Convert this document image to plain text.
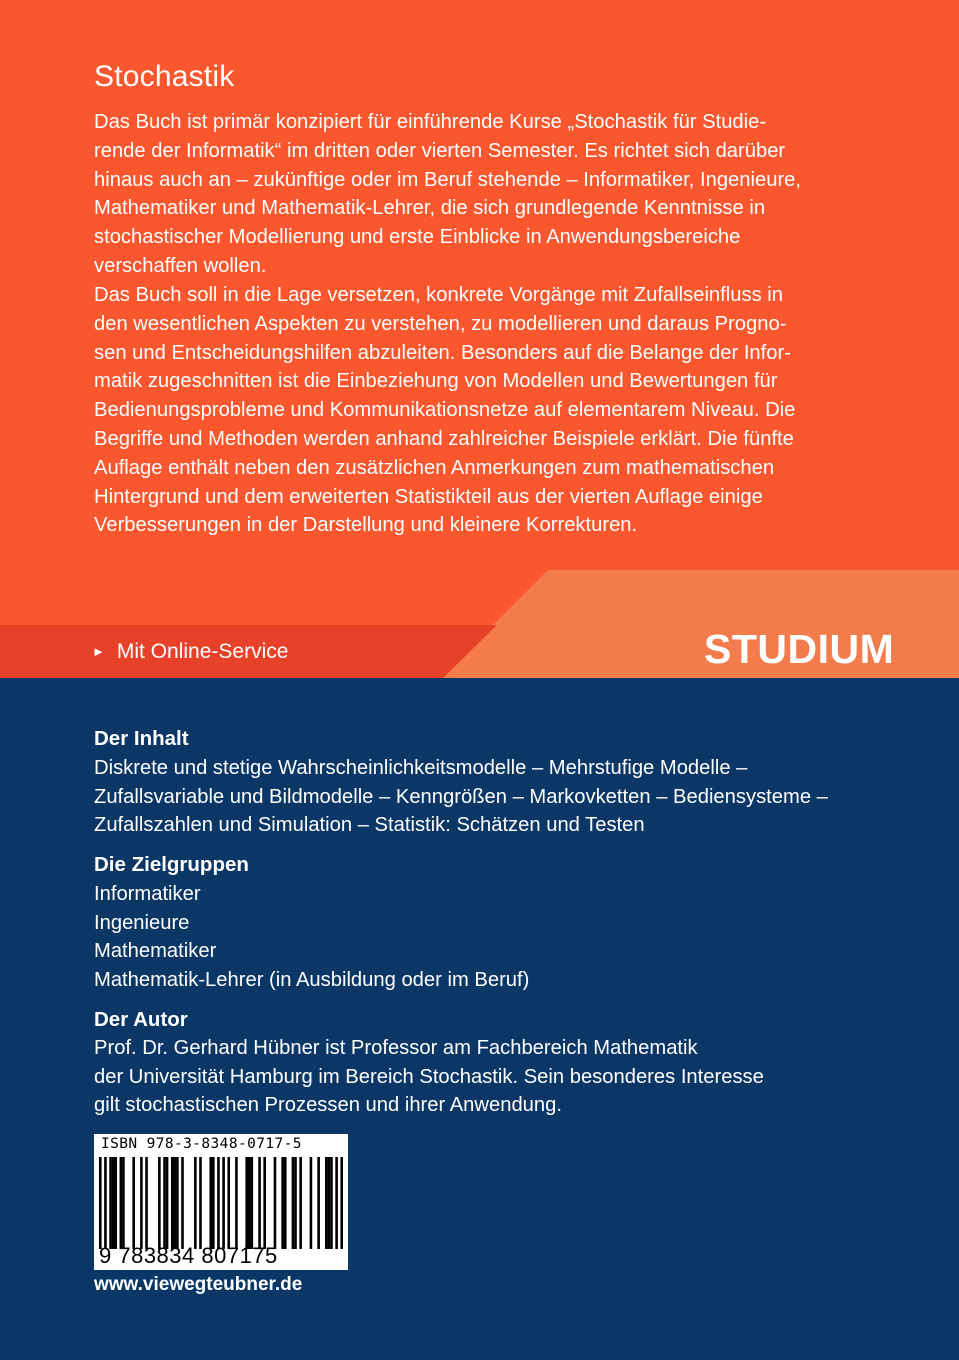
Stochastik

Das Buch ist primär konzipiert für einführende Kurse „Stochastik für Studie-
rende der Informatik“ im dritten oder vierten Semester. Es richtet sich darüber
hinaus auch an – zukünftige oder im Beruf stehende – Informatiker, Ingenieure,
Mathematiker und Mathematik-Lehrer, die sich grundlegende Kenntnisse in
stochastischer Modellierung und erste Einblicke in Anwendungsbereiche
verschaffen wollen.

Das Buch soll in die Lage versetzen, konkrete Vorgänge mit Zufallseinfluss in
den wesentlichen Aspekten zu verstehen, zu modellieren und daraus Progno-
sen und Entscheidungshilfen abzuleiten. Besonders auf die Belange der Infor-
matik zugeschnitten ist die Einbeziehung von Modellen und Bewertungen für
Bedienungsprobleme und Kommunikationsnetze auf elementarem Niveau. Die
Begriffe und Methoden werden anhand zahlreicher Beispiele erklärt. Die fünfte
Auflage enthält neben den zusätzlichen Anmerkungen zum mathematischen
Hintergrund und dem erweiterten Statistikteil aus der vierten Auflage einige
Verbesserungen in der Darstellung und kleinere Korrekturen.

► Mit Online-Service	STUDIUM
Der Inhalt

Diskrete und stetige Wahrscheinlichkeitsmodelle – Mehrstufige Modelle –
Zufallsvariable und Bildmodelle – Kenngrößen – Markovketten – Bediensysteme –
Zufallszahlen und Simulation – Statistik: Schätzen und Testen

Die Zielgruppen

Informatiker
Ingenieure
Mathematiker
Mathematik-Lehrer (in Ausbildung oder im Beruf)

Der Autor

Prof. Dr. Gerhard Hübner ist Professor am Fachbereich Mathematik
der Universität Hamburg im Bereich Stochastik. Sein besonderes Interesse
gilt stochastischen Prozessen und ihrer Anwendung.

ISBN 978-3-8348-0717-5
9 783834 807175
www.viewegteubner.de
